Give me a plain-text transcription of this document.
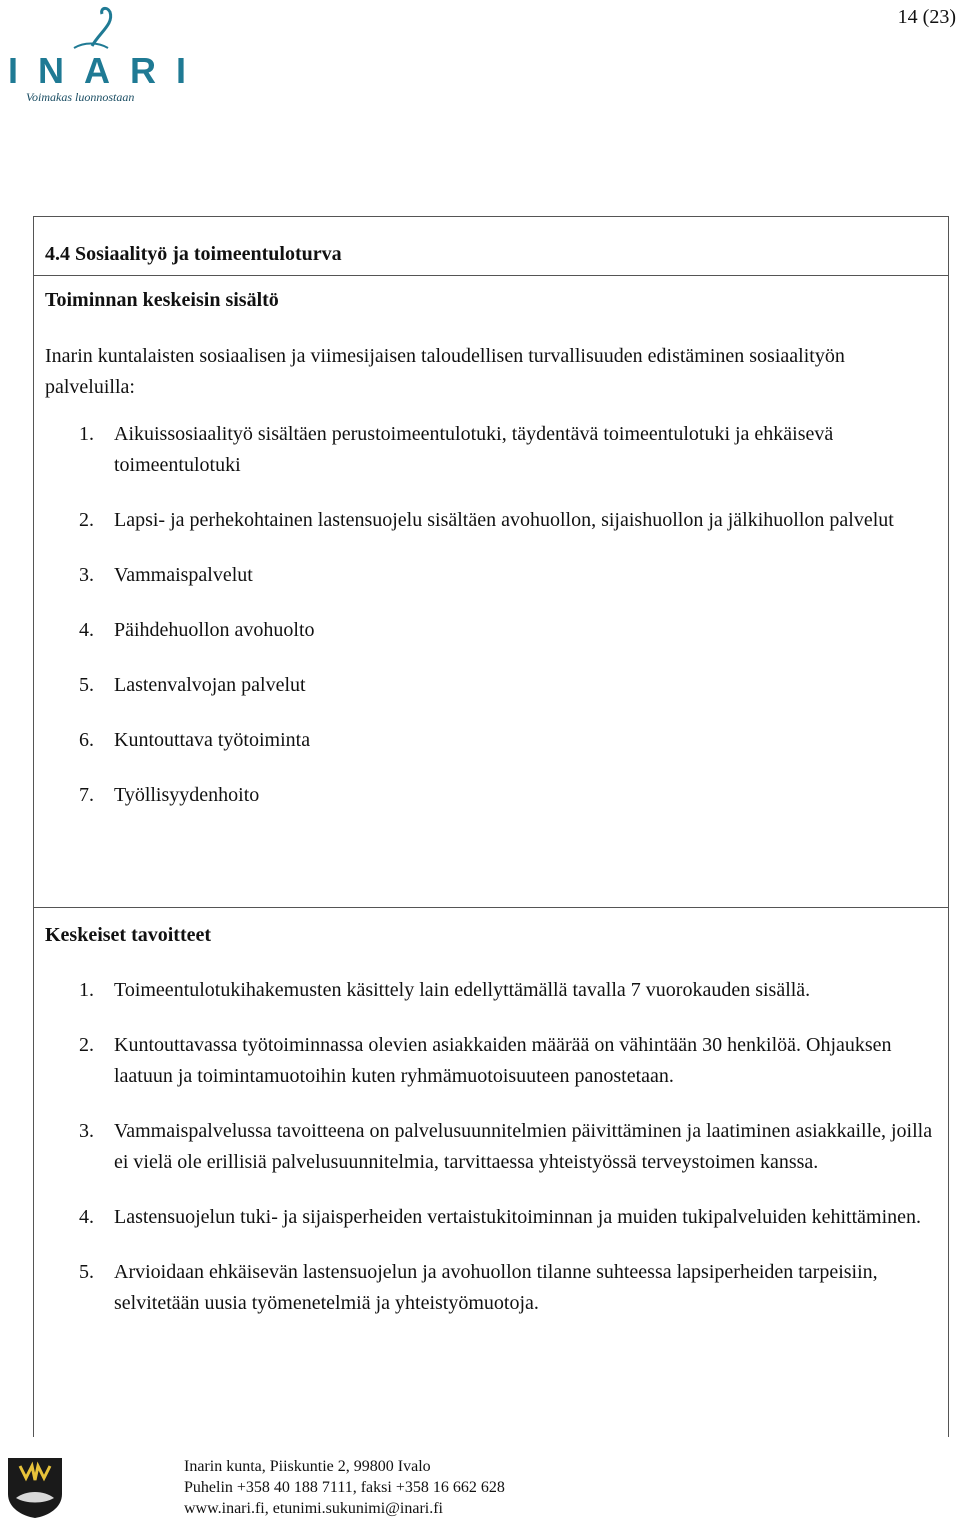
14 (23)
INARI
Voimakas luonnostaan
4.4 Sosiaalityö ja toimeentuloturva
Toiminnan keskeisin sisältö
Inarin kuntalaisten sosiaalisen ja viimesijaisen taloudellisen turvallisuuden edistäminen sosiaalityön palveluilla:
1. Aikuissosiaalityö sisältäen perustoimeentulotuki, täydentävä toimeentulotuki ja ehkäisevä toimeentulotuki
2. Lapsi- ja perhekohtainen lastensuojelu sisältäen avohuollon, sijaishuollon ja jälkihuollon palvelut
3. Vammaispalvelut
4. Päihdehuollon avohuolto
5. Lastenvalvojan palvelut
6. Kuntouttava työtoiminta
7. Työllisyydenhoito
Keskeiset tavoitteet
1. Toimeentulotukihakemusten käsittely lain edellyttämällä tavalla 7 vuorokauden sisällä.
2. Kuntouttavassa työtoiminnassa olevien asiakkaiden määrää on vähintään 30 henkilöä. Ohjauksen laatuun ja toimintamuotoihin kuten ryhmämuotoisuuteen panostetaan.
3. Vammaispalvelussa tavoitteena on palvelusuunnitelmien päivittäminen ja laatiminen asiakkaille, joilla ei vielä ole erillisiä palvelusuunnitelmia, tarvittaessa yhteistyössä terveystoimen kanssa.
4. Lastensuojelun tuki- ja sijaisperheiden vertaistukitoiminnan ja muiden tukipalveluiden kehittäminen.
5. Arvioidaan ehkäisevän lastensuojelun ja avohuollon tilanne suhteessa lapsiperheiden tarpeisiin, selvitetään uusia työmenetelmiä ja yhteistyömuotoja.
Inarin kunta, Piiskuntie 2, 99800 Ivalo
Puhelin +358 40 188 7111, faksi +358 16 662 628
www.inari.fi, etunimi.sukunimi@inari.fi
